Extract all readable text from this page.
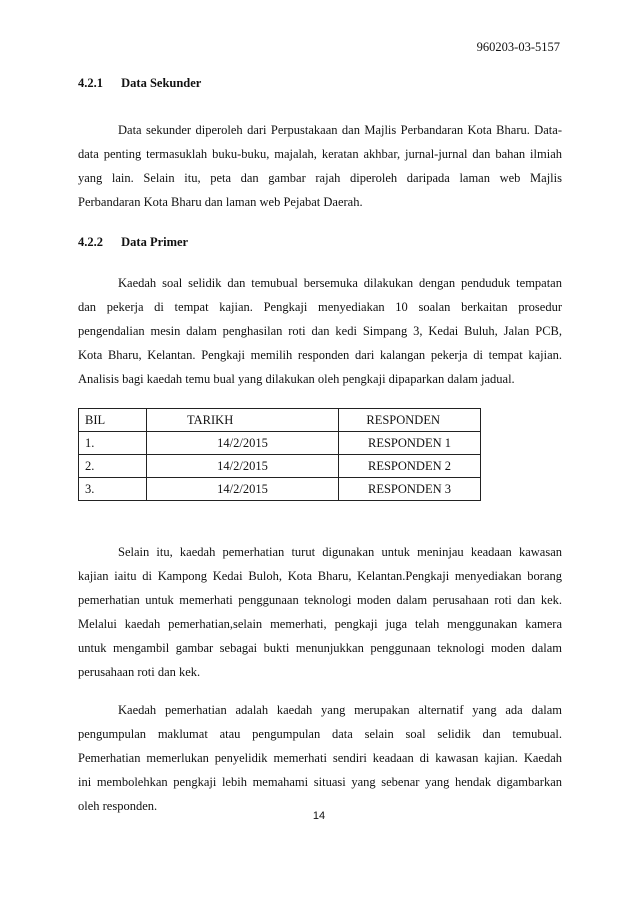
960203-03-5157
4.2.1 Data Sekunder
Data sekunder diperoleh dari Perpustakaan dan Majlis Perbandaran Kota Bharu. Data-
data penting termasuklah buku-buku, majalah, keratan akhbar, jurnal-jurnal dan bahan ilmiah
yang lain. Selain itu, peta dan gambar rajah diperoleh daripada laman web Majlis
Perbandaran Kota Bharu dan laman web Pejabat Daerah.
4.2.2 Data Primer
Kaedah soal selidik dan temubual bersemuka dilakukan dengan penduduk tempatan
dan pekerja di tempat kajian. Pengkaji menyediakan 10 soalan berkaitan prosedur
pengendalian mesin dalam penghasilan roti dan kedi Simpang 3, Kedai Buluh, Jalan PCB,
Kota Bharu, Kelantan. Pengkaji memilih responden dari kalangan pekerja di tempat kajian.
Analisis bagi kaedah temu bual yang dilakukan oleh pengkaji dipaparkan dalam jadual.
BIL	TARIKH	RESPONDEN
1.	14/2/2015	RESPONDEN 1
2.	14/2/2015	RESPONDEN 2
3.	14/2/2015	RESPONDEN 3
Selain itu, kaedah pemerhatian turut digunakan untuk meninjau keadaan kawasan
kajian iaitu di Kampong Kedai Buloh, Kota Bharu, Kelantan.Pengkaji menyediakan borang
pemerhatian untuk memerhati penggunaan teknologi moden dalam perusahaan roti dan kek.
Melalui kaedah pemerhatian,selain memerhati, pengkaji juga telah menggunakan kamera
untuk mengambil gambar sebagai bukti menunjukkan penggunaan teknologi moden dalam
perusahaan roti dan kek.
Kaedah pemerhatian adalah kaedah yang merupakan alternatif yang ada dalam
pengumpulan maklumat atau pengumpulan data selain soal selidik dan temubual.
Pemerhatian memerlukan penyelidik memerhati sendiri keadaan di kawasan kajian. Kaedah
ini membolehkan pengkaji lebih memahami situasi yang sebenar yang hendak digambarkan
oleh responden.
14
